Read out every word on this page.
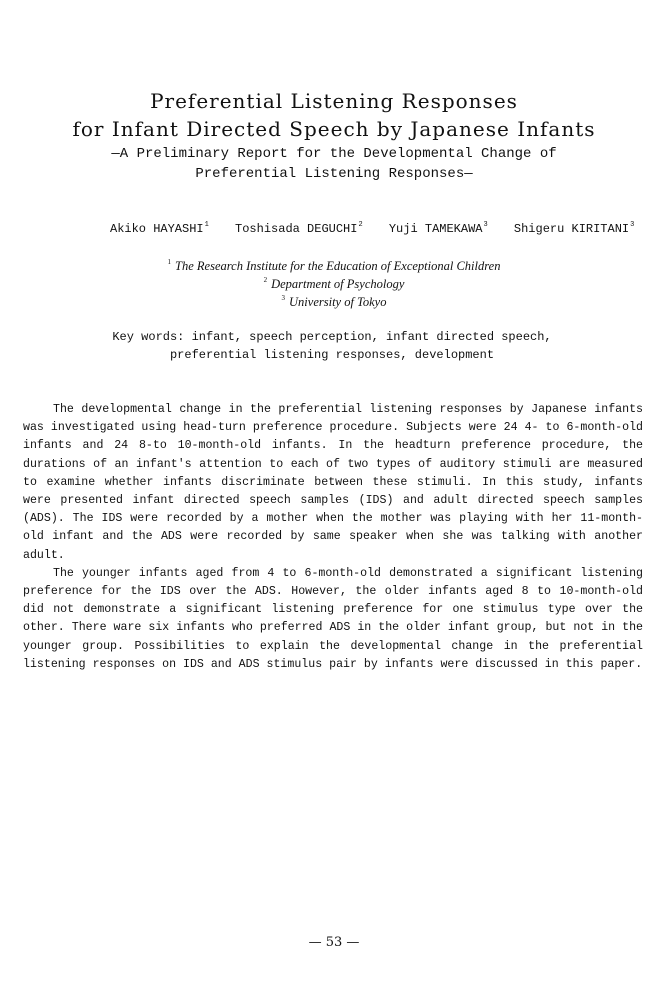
Preferential Listening Responses
for Infant Directed Speech by Japanese Infants
—A Preliminary Report for the Developmental Change of
Preferential Listening Responses—
Akiko HAYASHI$^1$ Toshisada DEGUCHI$^2$ Yuji TAMEKAWA$^3$ Shigeru KIRITANI$^3$
$^1$ The Research Institute for the Education of Exceptional Children
$^2$ Department of Psychology
$^3$ University of Tokyo
Key words: infant, speech perception, infant directed speech,
preferential listening responses, development

The developmental change in the preferential listening responses by Japanese infants was investigated using head-turn preference procedure. Subjects were 24 4- to 6-month-old infants and 24 8-to 10-month-old infants. In the headturn preference procedure, the durations of an infant's attention to each of two types of auditory stimuli are measured to examine whether infants discriminate between these stimuli. In this study, infants were presented infant directed speech samples (IDS) and adult directed speech samples (ADS). The IDS were recorded by a mother when the mother was playing with her 11-month-old infant and the ADS were recorded by same speaker when she was talking with another adult.

The younger infants aged from 4 to 6-month-old demonstrated a significant listening preference for the IDS over the ADS. However, the older infants aged 8 to 10-month-old did not demonstrate a significant listening preference for one stimulus type over the other. There ware six infants who preferred ADS in the older infant group, but not in the younger group. Possibilities to explain the developmental change in the preferential listening responses on IDS and ADS stimulus pair by infants were discussed in this paper.

— 53 —
